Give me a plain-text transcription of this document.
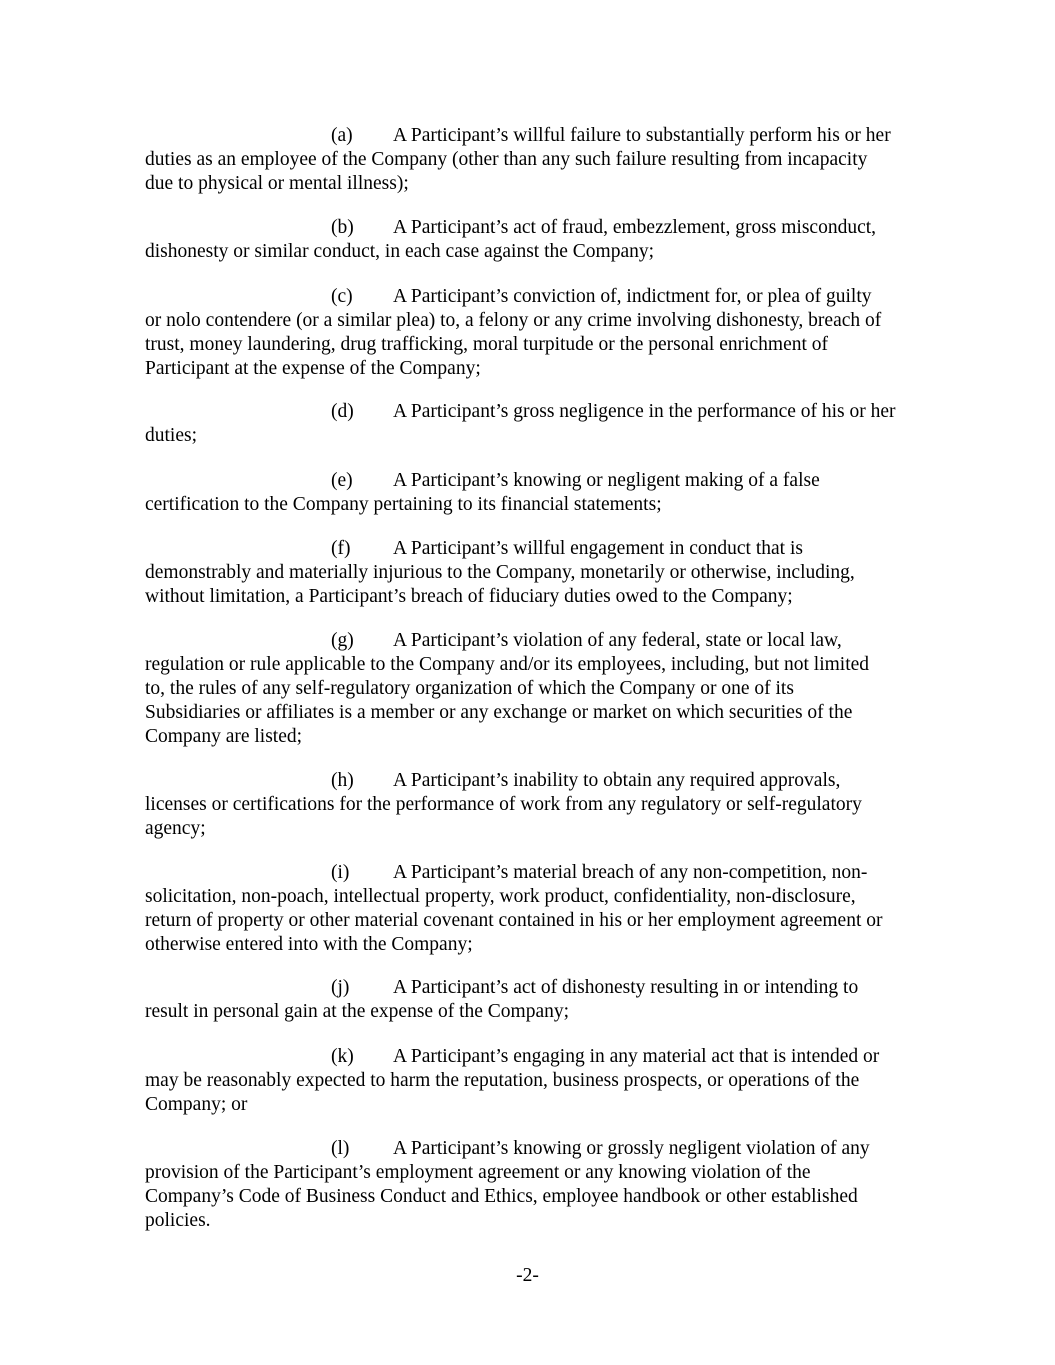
(a)	A Participant’s willful failure to substantially perform his or her
duties as an employee of the Company (other than any such failure resulting from incapacity
due to physical or mental illness);

(b)	A Participant’s act of fraud, embezzlement, gross misconduct,
dishonesty or similar conduct, in each case against the Company;

(c)	A Participant’s conviction of, indictment for, or plea of guilty
or nolo contendere (or a similar plea) to, a felony or any crime involving dishonesty, breach of
trust, money laundering, drug trafficking, moral turpitude or the personal enrichment of
Participant at the expense of the Company;

(d)	A Participant’s gross negligence in the performance of his or her
duties;

(e)	A Participant’s knowing or negligent making of a false
certification to the Company pertaining to its financial statements;

(f)	A Participant’s willful engagement in conduct that is
demonstrably and materially injurious to the Company, monetarily or otherwise, including,
without limitation, a Participant’s breach of fiduciary duties owed to the Company;

(g)	A Participant’s violation of any federal, state or local law,
regulation or rule applicable to the Company and/or its employees, including, but not limited
to, the rules of any self-regulatory organization of which the Company or one of its
Subsidiaries or affiliates is a member or any exchange or market on which securities of the
Company are listed;

(h)	A Participant’s inability to obtain any required approvals,
licenses or certifications for the performance of work from any regulatory or self-regulatory
agency;

(i)	A Participant’s material breach of any non-competition, non-
solicitation, non-poach, intellectual property, work product, confidentiality, non-disclosure,
return of property or other material covenant contained in his or her employment agreement or
otherwise entered into with the Company;

(j)	A Participant’s act of dishonesty resulting in or intending to
result in personal gain at the expense of the Company;

(k)	A Participant’s engaging in any material act that is intended or
may be reasonably expected to harm the reputation, business prospects, or operations of the
Company; or

(l)	A Participant’s knowing or grossly negligent violation of any
provision of the Participant’s employment agreement or any knowing violation of the
Company’s Code of Business Conduct and Ethics, employee handbook or other established
policies.

-2-
